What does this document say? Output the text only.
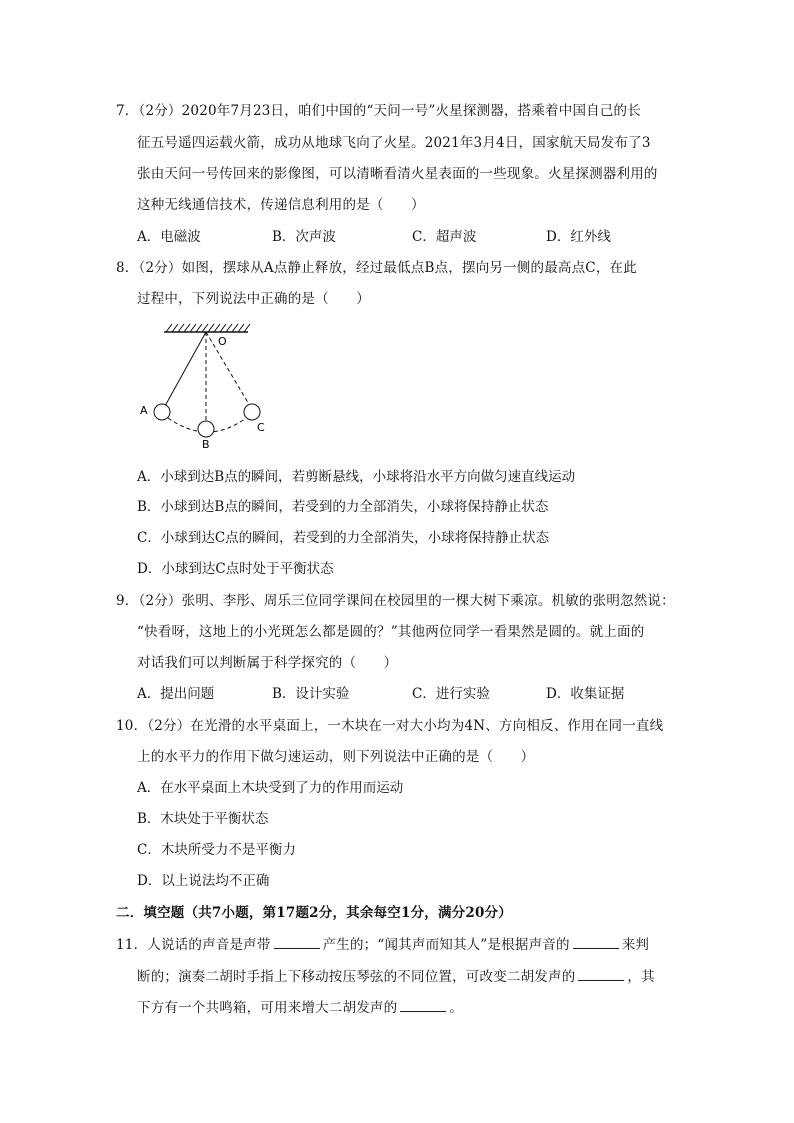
7．（2分）2020年7月23日，咱们中国的“天问一号”火星探测器，搭乘着中国自己的长
征五号遥四运载火箭，成功从地球飞向了火星。2021年3月4日，国家航天局发布了3
张由天问一号传回来的影像图，可以清晰看清火星表面的一些现象。火星探测器利用的
这种无线通信技术，传递信息利用的是（　　）
A．电磁波	B．次声波	C．超声波	D．红外线
8．（2分）如图，摆球从A点静止释放，经过最低点B点，摆向另一侧的最高点C，在此
过程中，下列说法中正确的是（　　）
O
A
B
C
A．小球到达B点的瞬间，若剪断悬线，小球将沿水平方向做匀速直线运动
B．小球到达B点的瞬间，若受到的力全部消失，小球将保持静止状态
C．小球到达C点的瞬间，若受到的力全部消失，小球将保持静止状态
D．小球到达C点时处于平衡状态
9．（2分）张明、李彤、周乐三位同学课间在校园里的一棵大树下乘凉。机敏的张明忽然说：
“快看呀，这地上的小光斑怎么都是圆的？”其他两位同学一看果然是圆的。就上面的
对话我们可以判断属于科学探究的（　　）
A．提出问题	B．设计实验	C．进行实验	D．收集证据
10．（2分）在光滑的水平桌面上，一木块在一对大小均为4N、方向相反、作用在同一直线
上的水平力的作用下做匀速运动，则下列说法中正确的是（　　）
A．在水平桌面上木块受到了力的作用而运动
B．木块处于平衡状态
C．木块所受力不是平衡力
D．以上说法均不正确
二．填空题（共7小题，第17题2分，其余每空1分，满分20分）
11．人说话的声音是声带	产生的；“闻其声而知其人”是根据声音的	来判
断的；演奏二胡时手指上下移动按压琴弦的不同位置，可改变二胡发声的	，其
下方有一个共鸣箱，可用来增大二胡发声的	。
